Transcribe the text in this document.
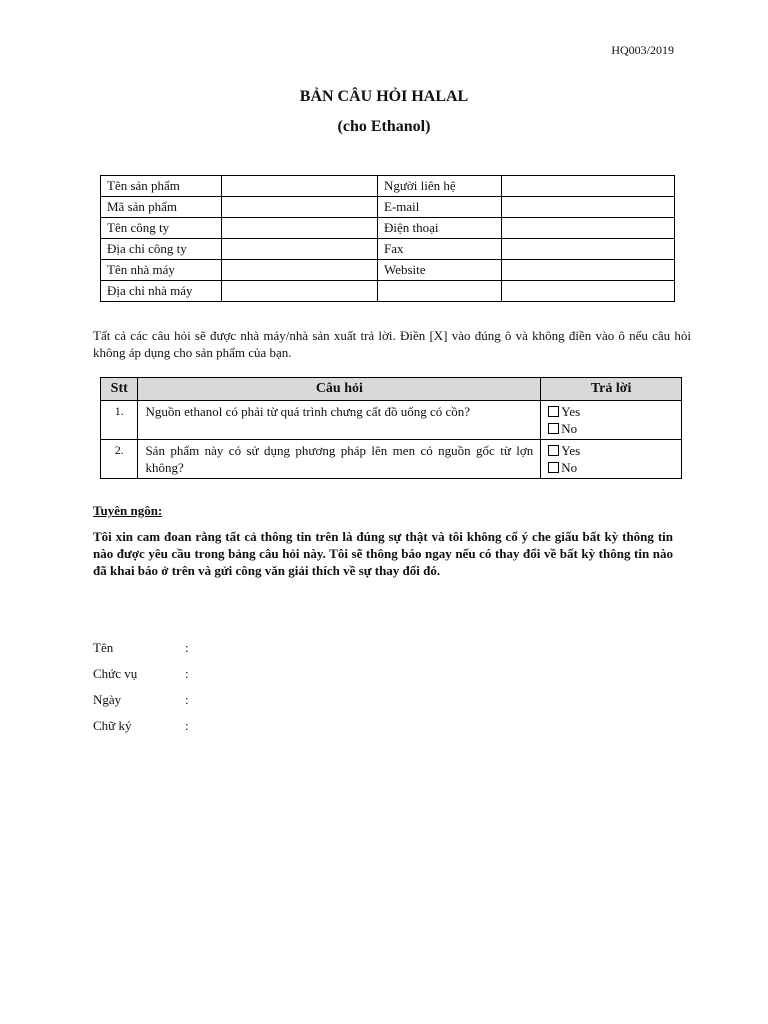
HQ003/2019
BẢN CÂU HỎI HALAL
(cho Ethanol)
Tên sản phẩm		Người liên hệ	
Mã sản phẩm		E-mail	
Tên công ty		Điện thoại	
Địa chỉ công ty		Fax	
Tên nhà máy		Website	
Địa chỉ nhà máy			
Tất cả các câu hỏi sẽ được nhà máy/nhà sản xuất trả lời. Điền [X] vào đúng ô và không điền vào ô nếu câu hỏi không áp dụng cho sản phẩm của bạn.
Stt	Câu hỏi	Trả lời
1.	Nguồn ethanol có phải từ quá trình chưng cất đồ uống có cồn?	Yes
No

2.	Sản phẩm này có sử dụng phương pháp lên men có nguồn gốc từ lợn không?	Yes
No
Tuyên ngôn:
Tôi xin cam đoan rằng tất cả thông tin trên là đúng sự thật và tôi không cố ý che giấu bất kỳ thông tin nào được yêu cầu trong bảng câu hỏi này. Tôi sẽ thông báo ngay nếu có thay đổi về bất kỳ thông tin nào đã khai báo ở trên và gửi công văn giải thích về sự thay đổi đó.
Tên	:
Chức vụ	:
Ngày	:
Chữ ký	:
